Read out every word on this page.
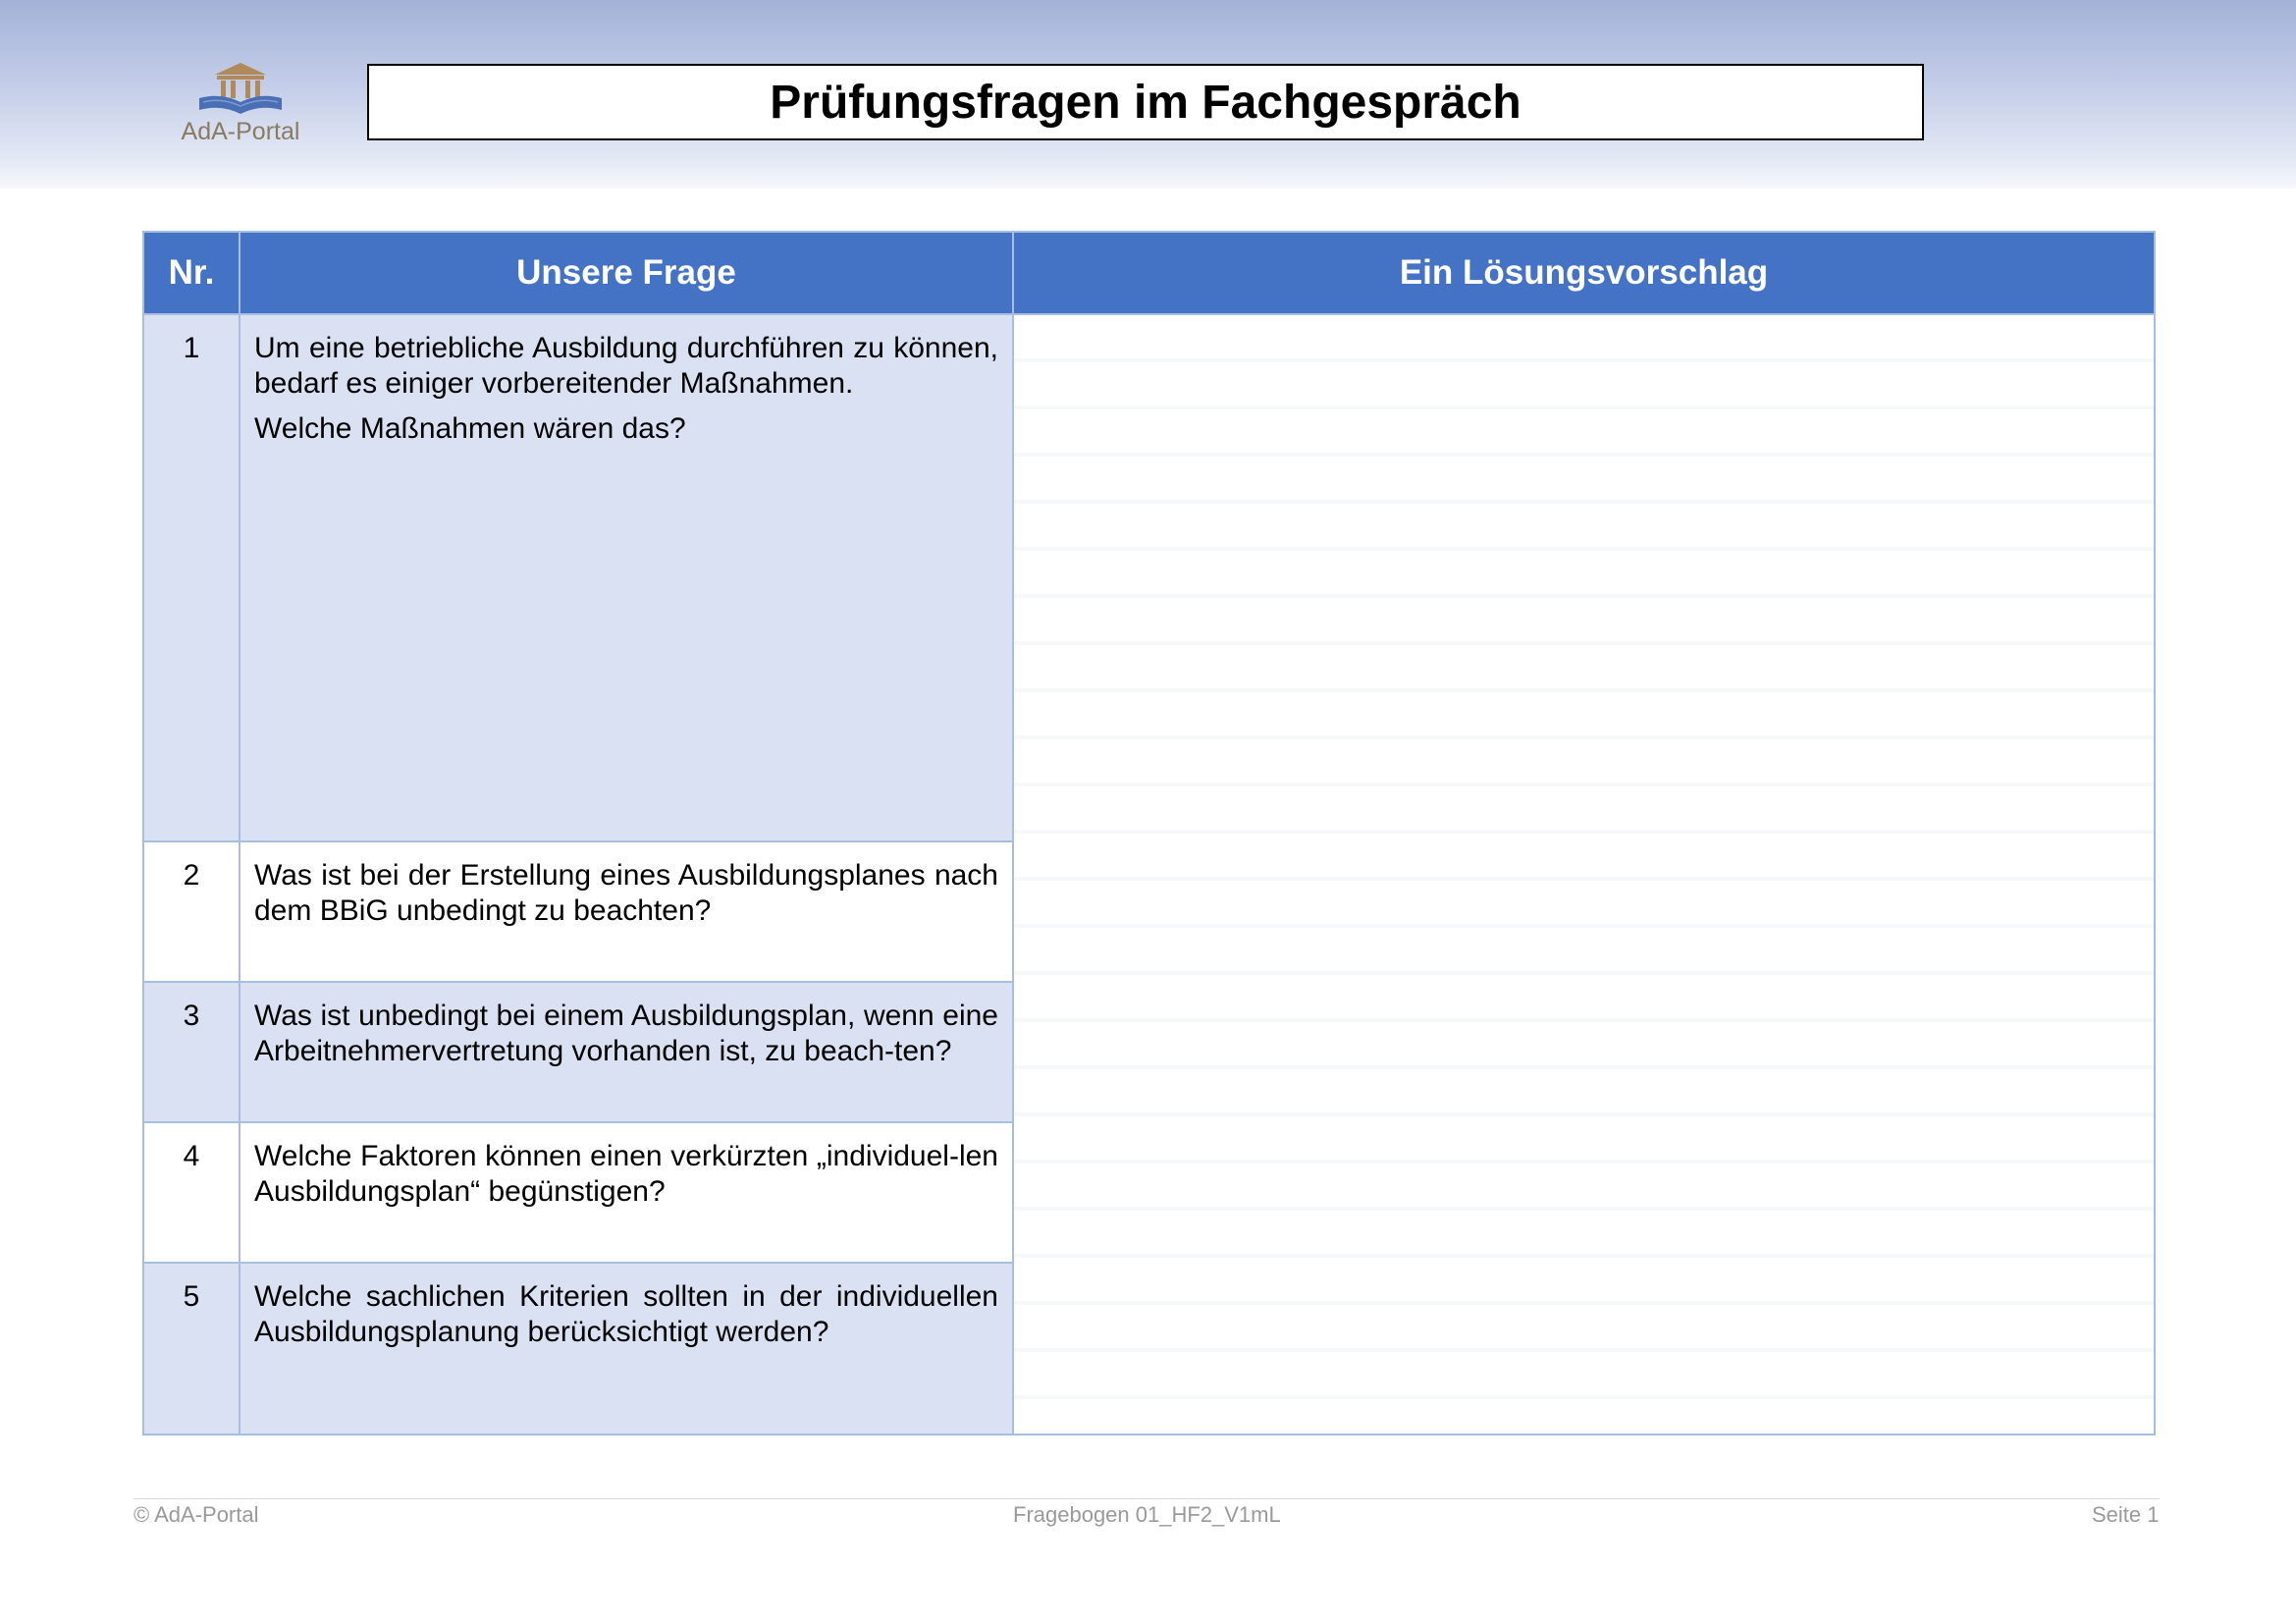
AdA-Portal
Prüfungsfragen im Fachgespräch
Nr.	Unsere Frage	Ein Lösungsvorschlag
1	Um eine betriebliche Ausbildung durchführen zu können, bedarf es einiger vorbereitender Maßnahmen.

Welche Maßnahmen wären das?	

2	Was ist bei der Erstellung eines Ausbildungsplanes nach dem BBiG unbedingt zu beachten?	

3	Was ist unbedingt bei einem Ausbildungsplan, wenn eine Arbeitnehmervertretung vorhanden ist, zu beach-ten?	

4	Welche Faktoren können einen verkürzten „individuel-len Ausbildungsplan“ begünstigen?	

5	Welche sachlichen Kriterien sollten in der individuellen Ausbildungsplanung berücksichtigt werden?	

© AdA-Portal	Fragebogen 01_HF2_V1mL	Seite 1
